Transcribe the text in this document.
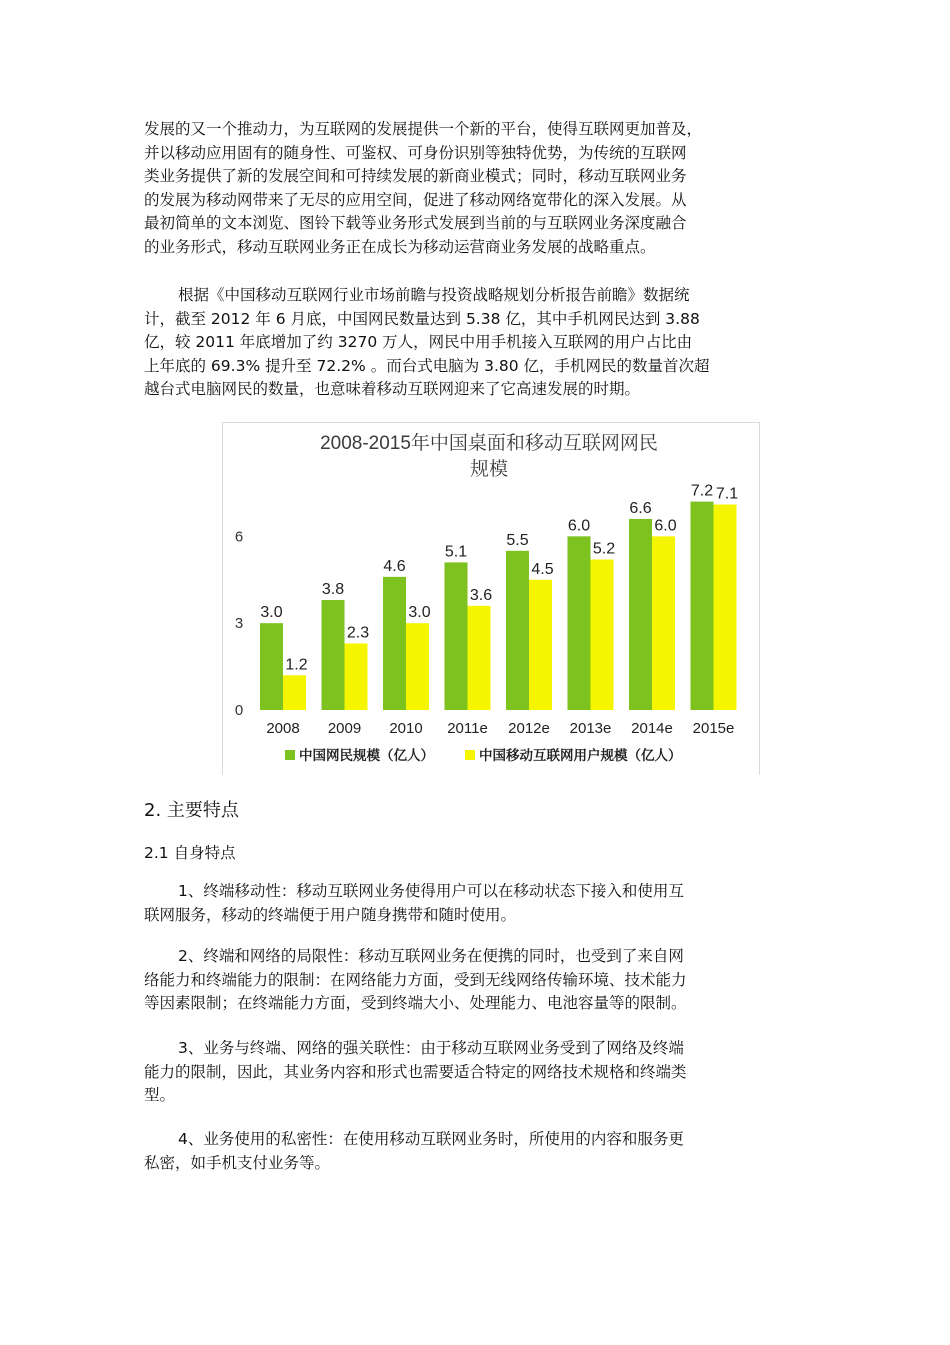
发展的又一个推动力，为互联网的发展提供一个新的平台，使得互联网更加普及，
并以移动应用固有的随身性、可鉴权、可身份识别等独特优势，为传统的互联网
类业务提供了新的发展空间和可持续发展的新商业模式；同时，移动互联网业务
的发展为移动网带来了无尽的应用空间，促进了移动网络宽带化的深入发展。从
最初简单的文本浏览、图铃下载等业务形式发展到当前的与互联网业务深度融合
的业务形式，移动互联网业务正在成长为移动运营商业务发展的战略重点。
根据《中国移动互联网行业市场前瞻与投资战略规划分析报告前瞻》数据统
计，截至 2012 年 6 月底，中国网民数量达到 5.38 亿，其中手机网民达到 3.88
亿，较 2011 年底增加了约 3270 万人，网民中用手机接入互联网的用户占比由
上年底的 69.3% 提升至 72.2% 。而台式电脑为 3.80 亿，手机网民的数量首次超
越台式电脑网民的数量，也意味着移动互联网迎来了它高速发展的时期。
2008-2015年中国桌面和移动互联网网民
规模
0
3
6
3.0
1.2
3.8
2.3
4.6
3.0
5.1
3.6
5.5
4.5
6.0
5.2
6.6
6.0
7.2 7.1
2008 2009 2010 2011e 2012e 2013e 2014e 2015e
中国网民规模（亿人）	中国移动互联网用户规模（亿人）
2. 主要特点
2.1 自身特点
1、终端移动性：移动互联网业务使得用户可以在移动状态下接入和使用互
联网服务，移动的终端便于用户随身携带和随时使用。
2、终端和网络的局限性：移动互联网业务在便携的同时，也受到了来自网
络能力和终端能力的限制：在网络能力方面，受到无线网络传输环境、技术能力
等因素限制；在终端能力方面，受到终端大小、处理能力、电池容量等的限制。
3、业务与终端、网络的强关联性：由于移动互联网业务受到了网络及终端
能力的限制，因此，其业务内容和形式也需要适合特定的网络技术规格和终端类
型。
4、业务使用的私密性：在使用移动互联网业务时，所使用的内容和服务更
私密，如手机支付业务等。
